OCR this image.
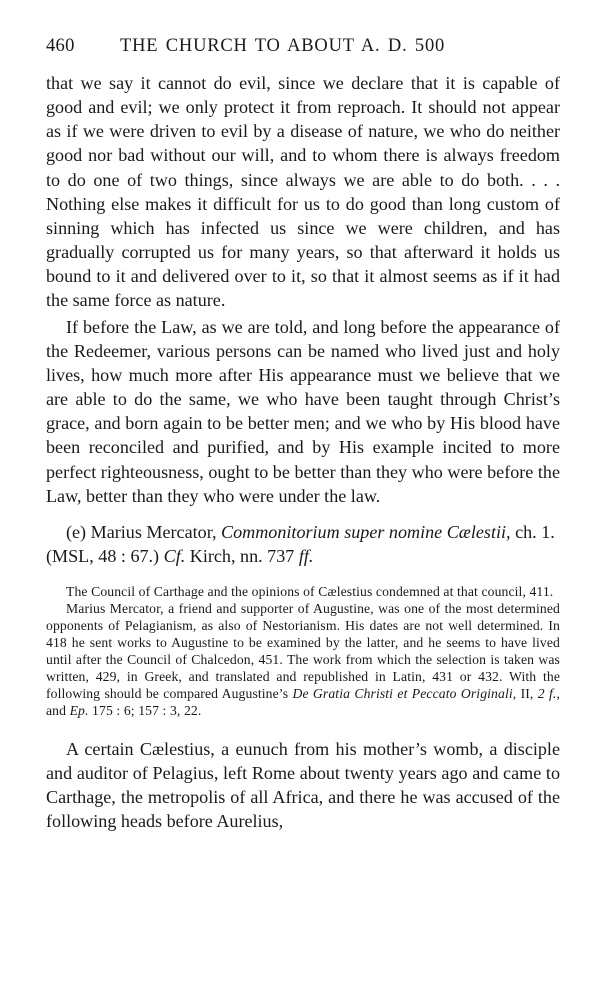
460	THE CHURCH TO ABOUT A. D. 500

that we say it cannot do evil, since we declare that it is capable of good and evil; we only protect it from reproach. It should not appear as if we were driven to evil by a disease of nature, we who do neither good nor bad without our will, and to whom there is always freedom to do one of two things, since always we are able to do both. . . . Nothing else makes it difficult for us to do good than long custom of sinning which has infected us since we were children, and has gradually corrupted us for many years, so that afterward it holds us bound to it and delivered over to it, so that it almost seems as if it had the same force as nature.

If before the Law, as we are told, and long before the appearance of the Redeemer, various persons can be named who lived just and holy lives, how much more after His appearance must we believe that we are able to do the same, we who have been taught through Christ’s grace, and born again to be better men; and we who by His blood have been reconciled and purified, and by His example incited to more perfect righteousness, ought to be better than they who were before the Law, better than they who were under the law.

(e) Marius Mercator, Commonitorium super nomine Cælestii, ch. 1. (MSL, 48 : 67.) Cf. Kirch, nn. 737 ff.

The Council of Carthage and the opinions of Cælestius condemned at that council, 411.

Marius Mercator, a friend and supporter of Augustine, was one of the most determined opponents of Pelagianism, as also of Nestorianism. His dates are not well determined. In 418 he sent works to Augustine to be examined by the latter, and he seems to have lived until after the Council of Chalcedon, 451. The work from which the selection is taken was written, 429, in Greek, and translated and republished in Latin, 431 or 432. With the following should be compared Augustine’s De Gratia Christi et Peccato Originali, II, 2 f., and Ep. 175 : 6; 157 : 3, 22.

A certain Cælestius, a eunuch from his mother’s womb, a disciple and auditor of Pelagius, left Rome about twenty years ago and came to Carthage, the metropolis of all Africa, and there he was accused of the following heads before Aurelius,
